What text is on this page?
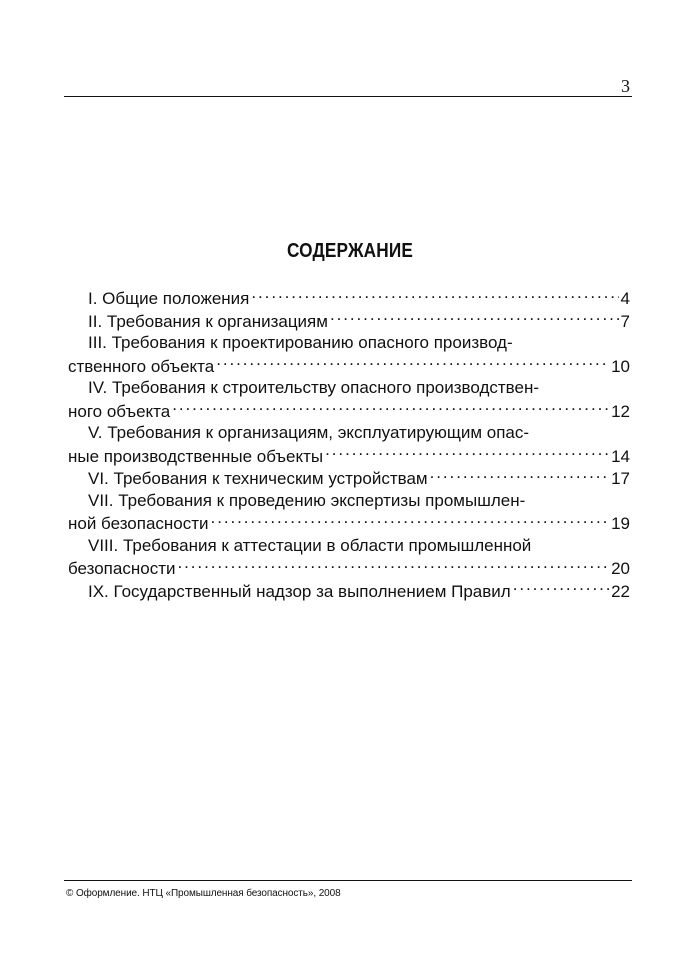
3
СОДЕРЖАНИЕ
I. Общие положения . . .	4
II. Требования к организациям . . .	7
III. Требования к проектированию опасного производ-
ственного объекта . . .	10
IV. Требования к строительству опасного производствен-
ного объекта . . .	12
V. Требования к организациям, эксплуатирующим опас-
ные производственные объекты . . .	14
VI. Требования к техническим устройствам . . .	17
VII. Требования к проведению экспертизы промышлен-
ной безопасности . . .	19
VIII. Требования к аттестации в области промышленной
безопасности . . .	20
IX. Государственный надзор за выполнением Правил . . .	22
© Оформление. НТЦ «Промышленная безопасность», 2008
